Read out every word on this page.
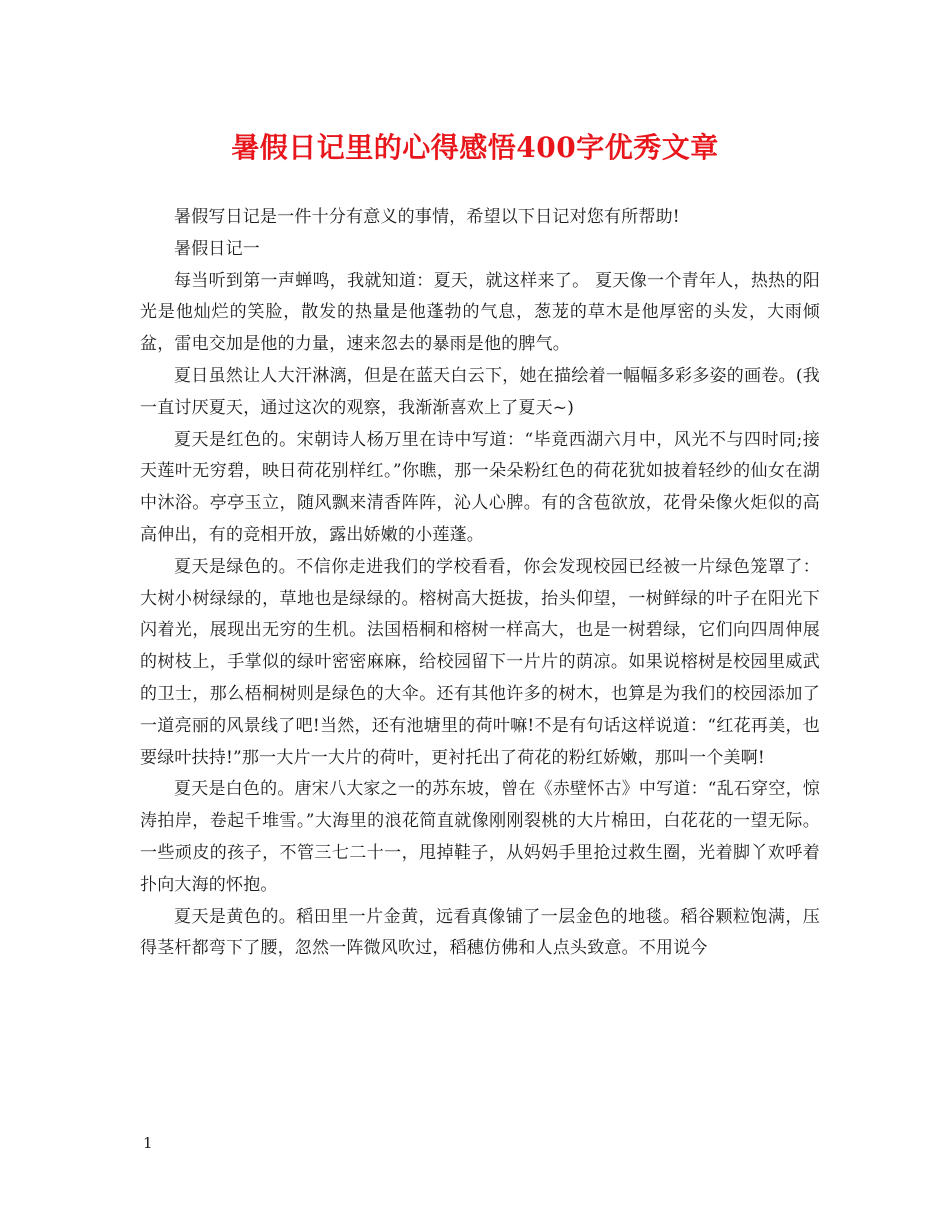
暑假日记里的心得感悟400字优秀文章

暑假写日记是一件十分有意义的事情，希望以下日记对您有所帮助!

暑假日记一

每当听到第一声蝉鸣，我就知道：夏天，就这样来了。 夏天像一个青年人，热热的阳光是他灿烂的笑脸，散发的热量是他蓬勃的气息，葱茏的草木是他厚密的头发，大雨倾盆，雷电交加是他的力量，速来忽去的暴雨是他的脾气。

夏日虽然让人大汗淋漓，但是在蓝天白云下，她在描绘着一幅幅多彩多姿的画卷。(我一直讨厌夏天，通过这次的观察，我渐渐喜欢上了夏天~)

夏天是红色的。宋朝诗人杨万里在诗中写道：“毕竟西湖六月中，风光不与四时同;接天莲叶无穷碧，映日荷花别样红。”你瞧，那一朵朵粉红色的荷花犹如披着轻纱的仙女在湖中沐浴。亭亭玉立，随风飘来清香阵阵，沁人心脾。有的含苞欲放，花骨朵像火炬似的高高伸出，有的竞相开放，露出娇嫩的小莲蓬。

夏天是绿色的。不信你走进我们的学校看看，你会发现校园已经被一片绿色笼罩了：大树小树绿绿的，草地也是绿绿的。榕树高大挺拔，抬头仰望，一树鲜绿的叶子在阳光下闪着光，展现出无穷的生机。法国梧桐和榕树一样高大，也是一树碧绿，它们向四周伸展的树枝上，手掌似的绿叶密密麻麻，给校园留下一片片的荫凉。如果说榕树是校园里威武的卫士，那么梧桐树则是绿色的大伞。还有其他许多的树木，也算是为我们的校园添加了一道亮丽的风景线了吧!当然，还有池塘里的荷叶嘛!不是有句话这样说道：“红花再美，也要绿叶扶持!”那一大片一大片的荷叶，更衬托出了荷花的粉红娇嫩，那叫一个美啊!

夏天是白色的。唐宋八大家之一的苏东坡，曾在《赤壁怀古》中写道：“乱石穿空，惊涛拍岸，卷起千堆雪。”大海里的浪花简直就像刚刚裂桃的大片棉田，白花花的一望无际。一些顽皮的孩子，不管三七二十一，甩掉鞋子，从妈妈手里抢过救生圈，光着脚丫欢呼着扑向大海的怀抱。

夏天是黄色的。稻田里一片金黄，远看真像铺了一层金色的地毯。稻谷颗粒饱满，压得茎杆都弯下了腰，忽然一阵微风吹过，稻穗仿佛和人点头致意。不用说今

1
